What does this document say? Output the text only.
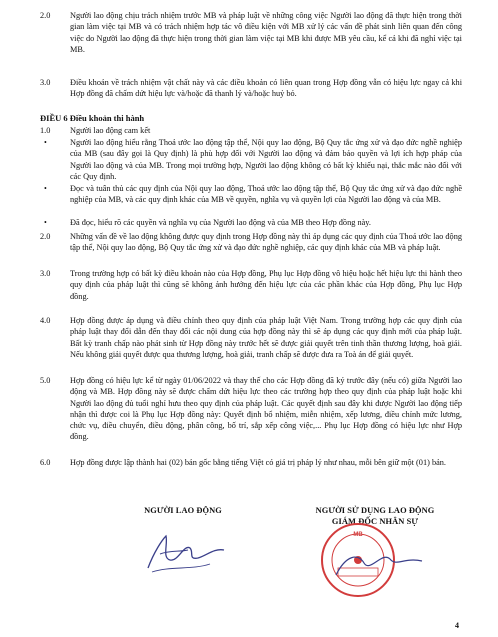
2.0 Người lao động chịu trách nhiệm trước MB và pháp luật về những công việc Người lao động đã thực hiện trong thời gian làm việc tại MB và có trách nhiệm hợp tác vô điều kiện với MB xử lý các vấn đề phát sinh liên quan đến công việc do Người lao động đã thực hiện trong thời gian làm việc tại MB khi được MB yêu cầu, kể cả khi đã nghỉ việc tại MB.
3.0 Điều khoản về trách nhiệm vật chất này và các điều khoản có liên quan trong Hợp đồng vẫn có hiệu lực ngay cả khi Hợp đồng đã chấm dứt hiệu lực và/hoặc đã thanh lý và/hoặc huỷ bỏ.
1.0 Người lao động cam kết
•	Người lao động hiểu rằng Thoả ước lao động tập thể, Nội quy lao động, Bộ Quy tắc ứng xử và đạo đức nghề nghiệp của MB (sau đây gọi là Quy định) là phù hợp đối với Người lao động và đảm bảo quyền và lợi ích hợp pháp của Người lao động và của MB. Trong mọi trường hợp, Người lao động không có bất kỳ khiếu nại, thắc mắc nào đối với các Quy định.
•	Đọc và tuân thủ các quy định của Nội quy lao động, Thoả ước lao động tập thể, Bộ Quy tắc ứng xử và đạo đức nghề nghiệp của MB, và các quy định khác của MB về quyền, nghĩa vụ và quyền lợi của Người lao động và của MB.
•	Đã đọc, hiểu rõ các quyền và nghĩa vụ của Người lao động và của MB theo Hợp đồng này.
2.0 Những vấn đề về lao động không được quy định trong Hợp đồng này thì áp dụng các quy định của Thoả ước lao động tập thể, Nội quy lao động, Bộ Quy tắc ứng xử và đạo đức nghề nghiệp, các quy định khác của MB và pháp luật.
3.0 Trong trường hợp có bất kỳ điều khoản nào của Hợp đồng, Phụ lục Hợp đồng vô hiệu hoặc hết hiệu lực thi hành theo quy định của pháp luật thì cũng sẽ không ảnh hưởng đến hiệu lực của các phần khác của Hợp đồng, Phụ lục Hợp đồng.
4.0 Hợp đồng được áp dụng và điều chỉnh theo quy định của pháp luật Việt Nam. Trong trường hợp các quy định của pháp luật thay đổi dẫn đến thay đổi các nội dung của hợp đồng này thì sẽ áp dụng các quy định mới của pháp luật. Bất kỳ tranh chấp nào phát sinh từ Hợp đồng này trước hết sẽ được giải quyết trên tinh thần thương lượng, hoà giải. Nếu không giải quyết được qua thương lượng, hoà giải, tranh chấp sẽ được đưa ra Toà án để giải quyết.
5.0 Hợp đồng có hiệu lực kể từ ngày 01/06/2022 và thay thế cho các Hợp đồng đã ký trước đây (nếu có) giữa Người lao động và MB. Hợp đồng này sẽ được chấm dứt hiệu lực theo các trường hợp theo quy định của pháp luật hoặc khi Người lao động đủ tuổi nghỉ hưu theo quy định của pháp luật. Các quyết định sau đây khi được Người lao động tiếp nhận thì được coi là Phụ lục Hợp đồng này: Quyết định bổ nhiệm, miễn nhiệm, xếp lương, điều chỉnh mức lương, chức vụ, điều chuyển, điều động, phân công, bố trí, sắp xếp công việc,... Phụ lục Hợp đồng có hiệu lực như Hợp đồng.
6.0 Hợp đồng được lập thành hai (02) bản gốc bằng tiếng Việt có giá trị pháp lý như nhau, mỗi bên giữ một (01) bản.
ĐIỀU 6 Điều khoản thi hành
NGƯỜI LAO ĐỘNG	NGƯỜI SỬ DỤNG LAO ĐỘNG
GIÁM ĐỐC NHÂN SỰ
MB
4
